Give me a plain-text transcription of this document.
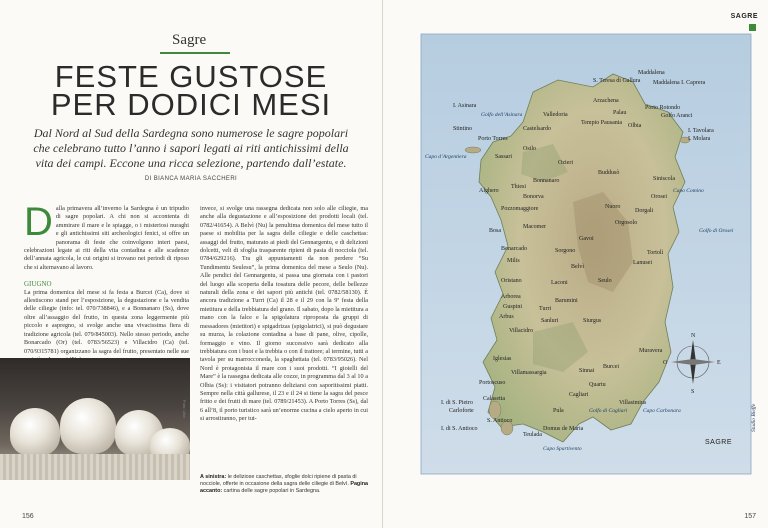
Sagre
FESTE GUSTOSE
PER DODICI MESI
Dal Nord al Sud della Sardegna sono numerose le sagre popolari che celebrano tutto l’anno i sapori legati ai riti antichissimi della vita dei campi. Eccone una ricca selezione, partendo dall’estate.
DI BIANCA MARIA SACCHERI
D alla primavera all’inverno la Sardegna è un tripudio di sagre popolari. A chi non si accontenta di ammirare il mare e le spiagge, o i misteriosi nuraghi e gli antichissimi siti archeologici fenici, si offre un panorama di feste che coinvolgono interi paesi, celebrazioni legate ai riti della vita contadina e alle scadenze dell’annata agricola, le cui origini si trovano nei periodi di riposo che si alternavano al lavoro.
GIUGNO
La prima domenica del mese si fa festa a Burcei (Ca), dove si allestiscono stand per l’esposizione, la degustazione e la vendita delle ciliegie (info: tel. 070/738846), e a Bonnanaro (Ss), dove oltre all’assaggio del frutto, in questa zona leggermente più piccolo e aspregno, si svolge anche una vivacissima fiera di tradizione agricola (tel. 079/845003). Nello stesso periodo, anche Bonarcado (Or) (tel. 0783/56523) e Villacidro (Ca) (tel. 070/9315781) organizzano la sagra del frutto, presentato nelle sue
Foto: Ulivi
invece, si svolge una rassegna dedicata non solo alle ciliegie, ma anche alla degustazione e all’esposizione dei prodotti locali (tel. 0782/41654). A Belvì (Nu) la penultima domenica del mese tutto il paese si mobilita per la sagra delle ciliegie e delle caschettas: assaggi del frutto, maturato ai piedi del Gennargentu, e di delizioni dolcetti, veli di sfoglia trasparente ripieni di pasta di nocciola (tel. 0784/629216). Tra gli appuntamenti da non perdere “Su Tundimentu Seulesu”, la prima domenica del mese a Seulo (Nu). Alle pendici del Gennargentu, si passa una giornata con i pastori del luogo alla scoperta della tosatura delle pecore, delle bellezze naturali della zona e dei sapori più antichi (tel. 0782/58130). È ancora tradizione a Turri (Ca) il 28 e il 29 con la 9ª festa della mietitura e della trebbiatura del grano. Il sabato, dopo la mietitura a mano con la falce e la spigolatura riproposta da gruppi di messadores (mietitori) e spigadrizas (spigolatrici), si può degustare su murza, la colazione contadina a base di pane, olive, cipolle, formaggio e vino. Il giorno successivo sarà dedicato alla trebbiatura con i buoi e la trebbia o con il trattore; al termine, tutti a tavola per su marrocconeda, la spaghettata (tel. 0783/95026). Nel Nord è protagonista il mare con i suoi prodotti. “I gioielli del Mare” è la rassegna dedicata alle cozze, in programma dal 3 al 10 a Olbia (Ss): i visitatori potranno deliziarsi con saporitissimi piatti. Sempre nella città gallurese, il 23 e il 24 si tiene la sagra del pesce fritto e dei frutti di mare (tel. 0789/21453). A Porto Torres (Ss), dal 6 all’8, il porto turistico sarà un’enorme cucina a cielo aperto in cui si arrostiranno, per tut-
A sinistra: le deliziose caschettas, sfoglie dolci ripiene di pasta di nocciole, offerte in occasione della sagra delle ciliegie di Belvì. Pagina accanto: cartina delle sagre popolari in Sardegna.
156
SAGRE
Maddalena
S. Teresa di Gallura Maddalena I. Caprera
Arzachena
Palau
I. Asinara
Stintino
Porto Torres
Castelsardo
Valledoria
Tempio Pausania Olbia
I. Tavolara
I. Molara
Porto Rotondo
Golfo Aranci
Sassari
Osilo
Ozieri
Alghero
Pozzomaggiore
Bonorva
Bonnanaro
Thiesi
Buddusò
Siniscola
Bosa
Macomer
Nuoro
Orgosolo
Dorgali
Orosei
Bonarcado
Milis
Oristano
Belvì
Lanusei
Seulo
Tortolì
Arborea
Laconi
Gavoi
Sorgono
Arbus
Villacidro
Sanluri
Guspini
Iglesias
Villamassargia
Portoscuso
I. di S. Pietro
Carloforte
Calasetta
S. Antioco
I. di S. Antioco
Cagliari
Quartu
Burcei
Villasimius
Pula
Domus de Maria
Teulada
Muravera
Turri
Barumini
Siurgus
Sinnai
Golfo dell’Asinara
Capo d’Argentiera
Golfo di Orosei
Golfo di Cagliari	Capo Carbonara
Capo Spartivento
Capo Comino
N
S
E
O
SAGRE
Studio Bieffe
157
